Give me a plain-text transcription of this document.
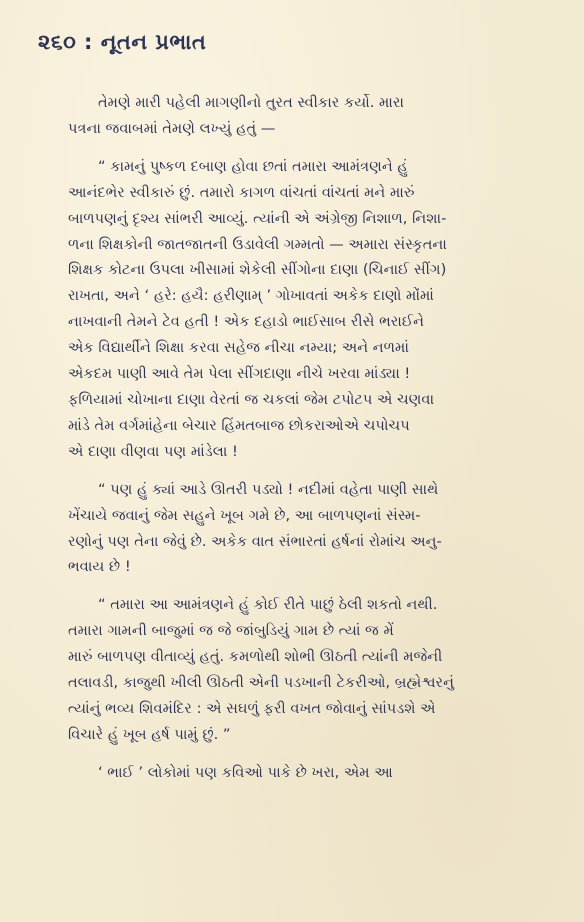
૨૬૦ : નૂતન પ્રભાત

તેમણે મારી પહેલી માગણીનો તુરત સ્વીકાર કર્યો. મારા
પત્રના જવાબમાં તેમણે લખ્યું હતું —

“ કામનું પુષ્કળ દબાણ હોવા છતાં તમારા આમંત્રણને હું
આનંદભેર સ્વીકારું છું. તમારો કાગળ વાંચતાં વાંચતાં મને મારું
બાળપણનું દૃશ્ય સાંભરી આવ્યું. ત્યાંની એ અંગ્રેજી નિશાળ, નિશા-
ળના શિક્ષકોની જાતજાતની ઉડાવેલી ગમ્મતો — અમારા સંસ્કૃતના
શિક્ષક કોટના ઉપલા ખીસામાં શેકેલી સીંગોના દાણા (ચિનાઈ સીંગ)
રાખતા, અને ‘ હરે: હયૈ: હરીણામ્ ’ ગોખાવતાં અકેક દાણો મોંમાં
નાખવાની તેમને ટેવ હતી ! એક દહાડો ભાઈસાબ રીસે ભરાઈને
એક વિદ્યાર્થીને શિક્ષા કરવા સહેજ નીચા નમ્યા; અને નળમાં
એકદમ પાણી આવે તેમ પેલા સીંગદાણા નીચે ખરવા માંડ્યા !
ફળિયામાં ચોખાના દાણા વેરતાં જ ચકલાં જેમ ટપોટપ એ ચણવા
માંડે તેમ વર્ગમાંહેના બેચાર હિંમતબાજ છોકરાઓએ ચપોચપ
એ દાણા વીણવા પણ માંડેલા !

“ પણ હું ક્યાં આડે ઊતરી પડ્યો ! નદીમાં વહેતા પાણી સાથે
ખેંચાયે જવાનું જેમ સહુને ખૂબ ગમે છે, આ બાળપણનાં સંસ્મ-
રણોનું પણ તેના જેવું છે. અકેક વાત સંભારતાં હર્ષનાં રોમાંચ અનુ-
ભવાય છે !

“ તમારા આ આમંત્રણને હું કોઈ રીતે પાછું ઠેલી શકતો નથી.
તમારા ગામની બાજુમાં જ જે જાંબુડિયું ગામ છે ત્યાં જ મેં
મારું બાળપણ વીતાવ્યું હતું. કમળોથી શોભી ઊઠતી ત્યાંની મજેની
તલાવડી, કાજુથી ખીલી ઊઠતી એની પડખાની ટેકરીઓ, બ્રહ્મેશ્વરનું
ત્યાંનું ભવ્ય શિવમંદિર : એ સઘળું ફરી વખત જોવાનું સાંપડશે એ
વિચારે હું ખૂબ હર્ષ પામું છું. ”

‘ ભાઈ ’ લોકોમાં પણ કવિઓ પાકે છે ખરા, એમ આ
